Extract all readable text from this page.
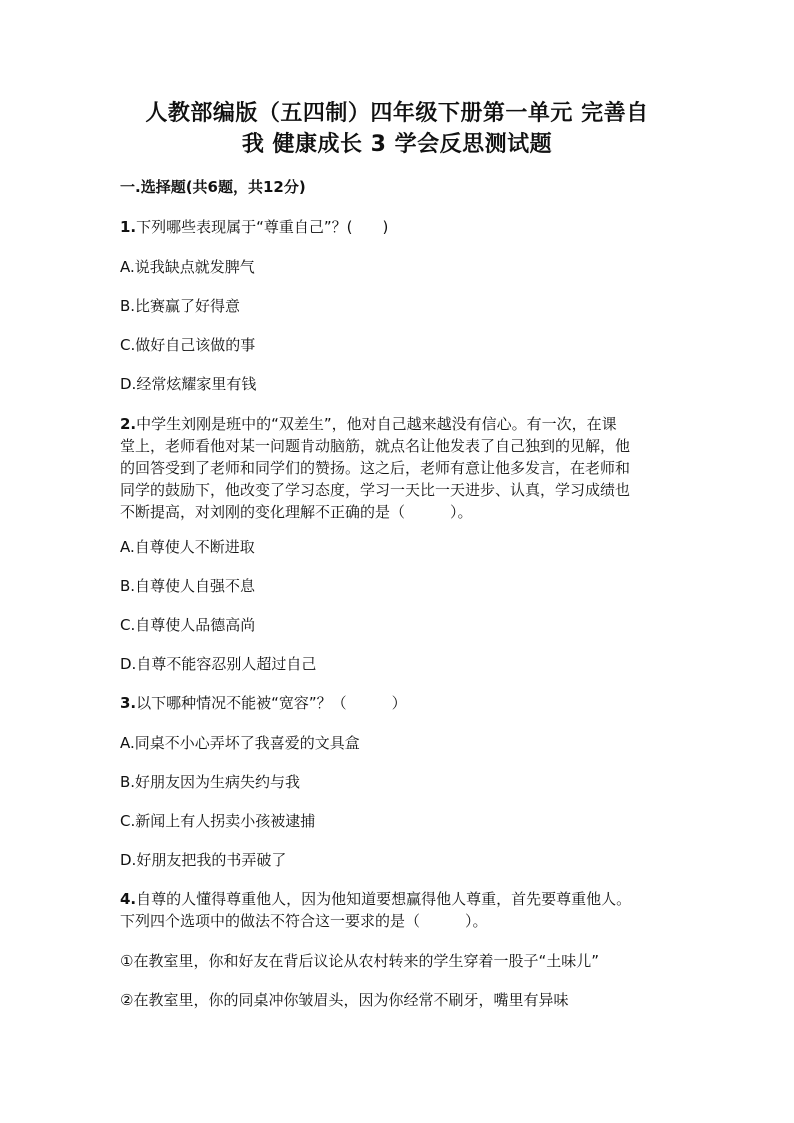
人教部编版（五四制）四年级下册第一单元 完善自
我 健康成长 3 学会反思测试题
一.选择题(共6题，共12分)
1.下列哪些表现属于“尊重自己”？(　　)
A.说我缺点就发脾气
B.比赛赢了好得意
C.做好自己该做的事
D.经常炫耀家里有钱
2.中学生刘刚是班中的“双差生”，他对自己越来越没有信心。有一次，在课
堂上，老师看他对某一问题肯动脑筋，就点名让他发表了自己独到的见解，他
的回答受到了老师和同学们的赞扬。这之后，老师有意让他多发言，在老师和
同学的鼓励下，他改变了学习态度，学习一天比一天进步、认真，学习成绩也
不断提高，对刘刚的变化理解不正确的是（　　　）。
A.自尊使人不断进取
B.自尊使人自强不息
C.自尊使人品德高尚
D.自尊不能容忍别人超过自己
3.以下哪种情况不能被“宽容”？（　　　）
A.同桌不小心弄坏了我喜爱的文具盒
B.好朋友因为生病失约与我
C.新闻上有人拐卖小孩被逮捕
D.好朋友把我的书弄破了
4.自尊的人懂得尊重他人，因为他知道要想赢得他人尊重，首先要尊重他人。
下列四个选项中的做法不符合这一要求的是（　　　）。
①在教室里，你和好友在背后议论从农村转来的学生穿着一股子“土味儿”
②在教室里，你的同桌冲你皱眉头，因为你经常不刷牙，嘴里有异味
